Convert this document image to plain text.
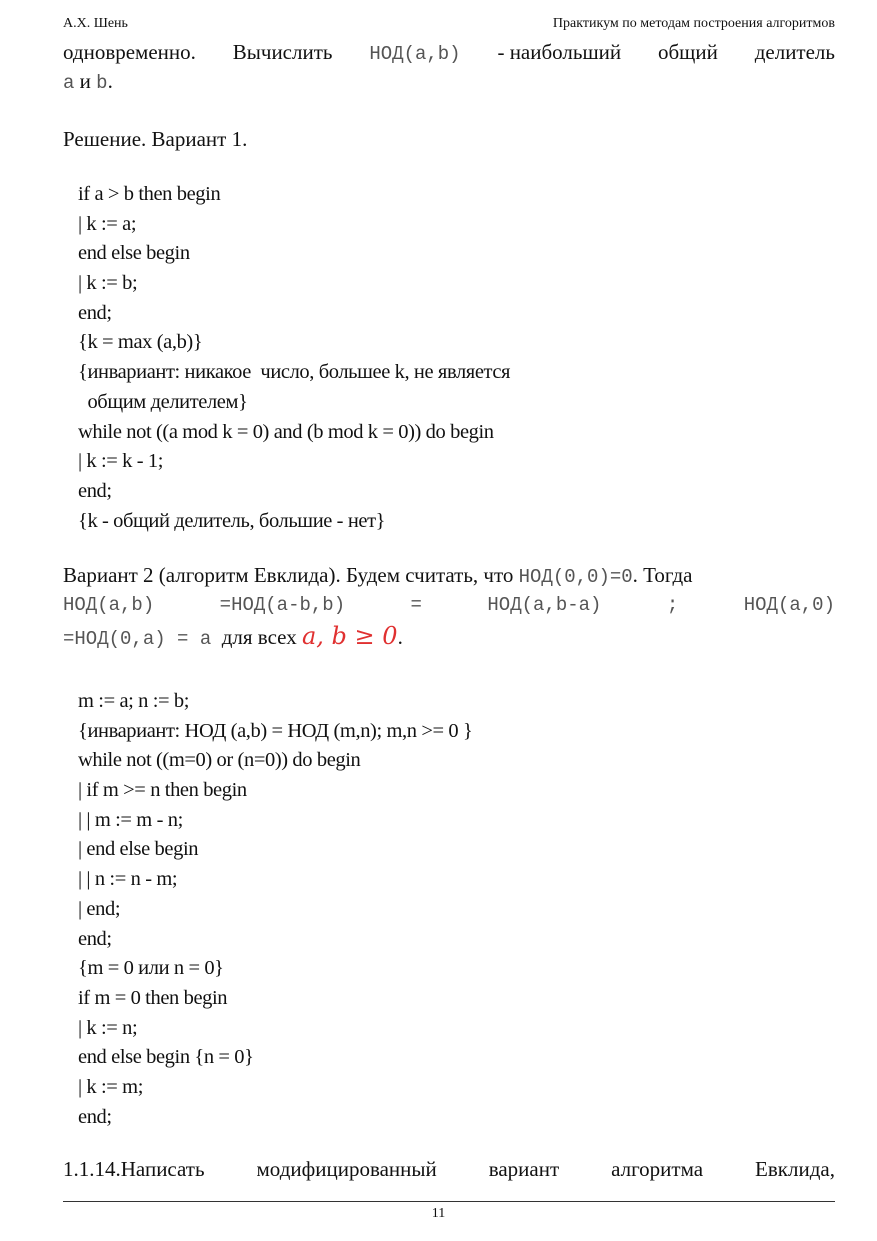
А.Х. Шень	Практикум по методам построения алгоритмов
одновременно. Вычислить НОД(a,b) - наибольший общий делитель
a и b.
Решение. Вариант 1.
if a > b then begin
| k := a;
end else begin
| k := b;
end;
{k = max (a,b)}
{инвариант: никакое  число, большее k, не является
общим делителем}
while not ((a mod k = 0) and (b mod k = 0)) do begin
| k := k - 1;
end;
{k - общий делитель, большие - нет}
Вариант 2 (алгоритм Евклида). Будем считать, что НОД(0,0)=0. Тогда
НОД(a,b)	=НОД(a-b,b)	=	НОД(a,b-a)	;	НОД(a,0)
=НОД(0,a) = a для всех a, b ≥ 0.
m := a; n := b;
{инвариант: НОД (a,b) = НОД (m,n); m,n >= 0 }
while not ((m=0) or (n=0)) do begin
| if m >= n then begin
| | m := m - n;
| end else begin
| | n := n - m;
| end;
end;
{m = 0 или n = 0}
if m = 0 then begin
| k := n;
end else begin {n = 0}
| k := m;
end;
1.1.14.Написать модифицированный вариант алгоритма Евклида,
11
